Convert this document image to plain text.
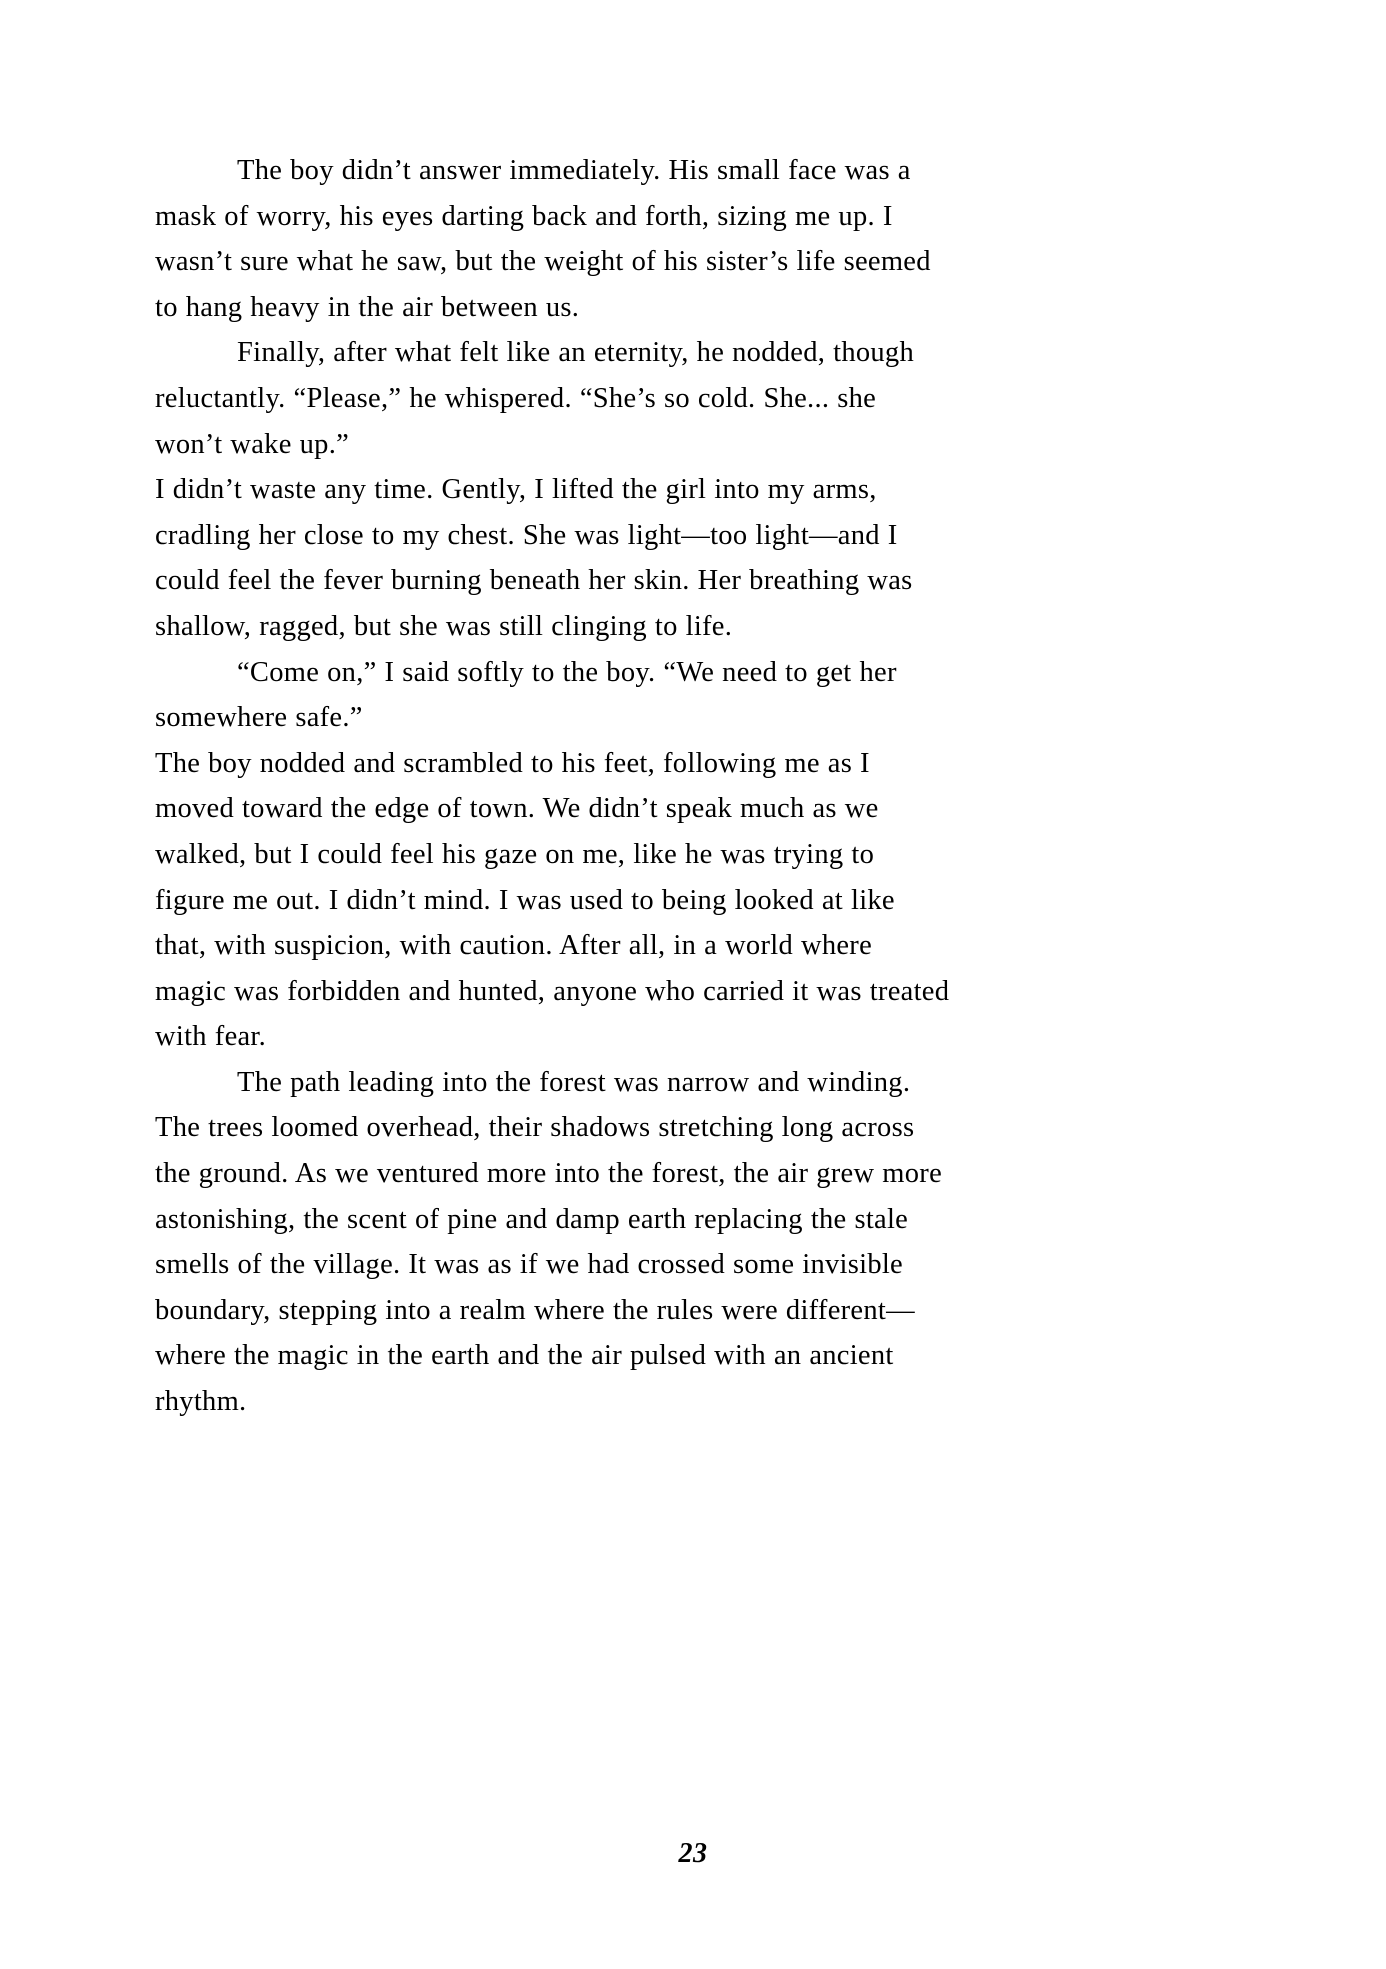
The boy didn’t answer immediately. His small face was a mask of worry, his eyes darting back and forth, sizing me up. I wasn’t sure what he saw, but the weight of his sister’s life seemed to hang heavy in the air between us.

Finally, after what felt like an eternity, he nodded, though reluctantly. “Please,” he whispered. “She’s so cold. She... she won’t wake up.”

I didn’t waste any time. Gently, I lifted the girl into my arms, cradling her close to my chest. She was light—too light—and I could feel the fever burning beneath her skin. Her breathing was shallow, ragged, but she was still clinging to life.

“Come on,” I said softly to the boy. “We need to get her somewhere safe.”

The boy nodded and scrambled to his feet, following me as I moved toward the edge of town. We didn’t speak much as we walked, but I could feel his gaze on me, like he was trying to figure me out. I didn’t mind. I was used to being looked at like that, with suspicion, with caution. After all, in a world where magic was forbidden and hunted, anyone who carried it was treated with fear.

The path leading into the forest was narrow and winding. The trees loomed overhead, their shadows stretching long across the ground. As we ventured more into the forest, the air grew more astonishing, the scent of pine and damp earth replacing the stale smells of the village. It was as if we had crossed some invisible boundary, stepping into a realm where the rules were different—where the magic in the earth and the air pulsed with an ancient rhythm.

23
